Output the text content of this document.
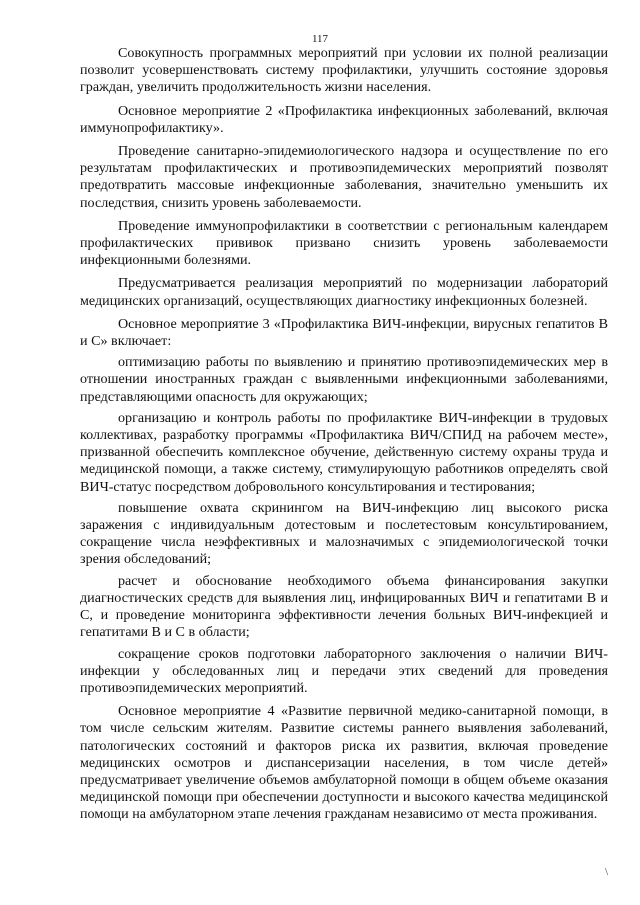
117

Совокупность программных мероприятий при условии их полной реализации позволит усовершенствовать систему профилактики, улучшить состояние здоровья граждан, увеличить продолжительность жизни населения.

Основное мероприятие 2 «Профилактика инфекционных заболеваний, включая иммунопрофилактику».

Проведение санитарно-эпидемиологического надзора и осуществление по его результатам профилактических и противоэпидемических мероприятий позволят предотвратить массовые инфекционные заболевания, значительно уменьшить их последствия, снизить уровень заболеваемости.

Проведение иммунопрофилактики в соответствии с региональным календарем профилактических прививок призвано снизить уровень заболеваемости инфекционными болезнями.

Предусматривается реализация мероприятий по модернизации лабораторий медицинских организаций, осуществляющих диагностику инфекционных болезней.

Основное мероприятие 3 «Профилактика ВИЧ-инфекции, вирусных гепатитов В и С» включает:

оптимизацию работы по выявлению и принятию противоэпидемических мер в отношении иностранных граждан с выявленными инфекционными заболеваниями, представляющими опасность для окружающих;

организацию и контроль работы по профилактике ВИЧ-инфекции в трудовых коллективах, разработку программы «Профилактика ВИЧ/СПИД на рабочем месте», призванной обеспечить комплексное обучение, действенную систему охраны труда и медицинской помощи, а также систему, стимулирующую работников определять свой ВИЧ-статус посредством добровольного консультирования и тестирования;

повышение охвата скринингом на ВИЧ-инфекцию лиц высокого риска заражения с индивидуальным дотестовым и послетестовым консультированием, сокращение числа неэффективных и малозначимых с эпидемиологической точки зрения обследований;

расчет и обоснование необходимого объема финансирования закупки диагностических средств для выявления лиц, инфицированных ВИЧ и гепатитами В и С, и проведение мониторинга эффективности лечения больных ВИЧ-инфекцией и гепатитами В и С в области;

сокращение сроков подготовки лабораторного заключения о наличии ВИЧ-инфекции у обследованных лиц и передачи этих сведений для проведения противоэпидемических мероприятий.

Основное мероприятие 4 «Развитие первичной медико-санитарной помощи, в том числе сельским жителям. Развитие системы раннего выявления заболеваний, патологических состояний и факторов риска их развития, включая проведение медицинских осмотров и диспансеризации населения, в том числе детей» предусматривает увеличение объемов амбулаторной помощи в общем объеме оказания медицинской помощи при обеспечении доступности и высокого качества медицинской помощи на амбулаторном этапе лечения гражданам независимо от места проживания.

\
